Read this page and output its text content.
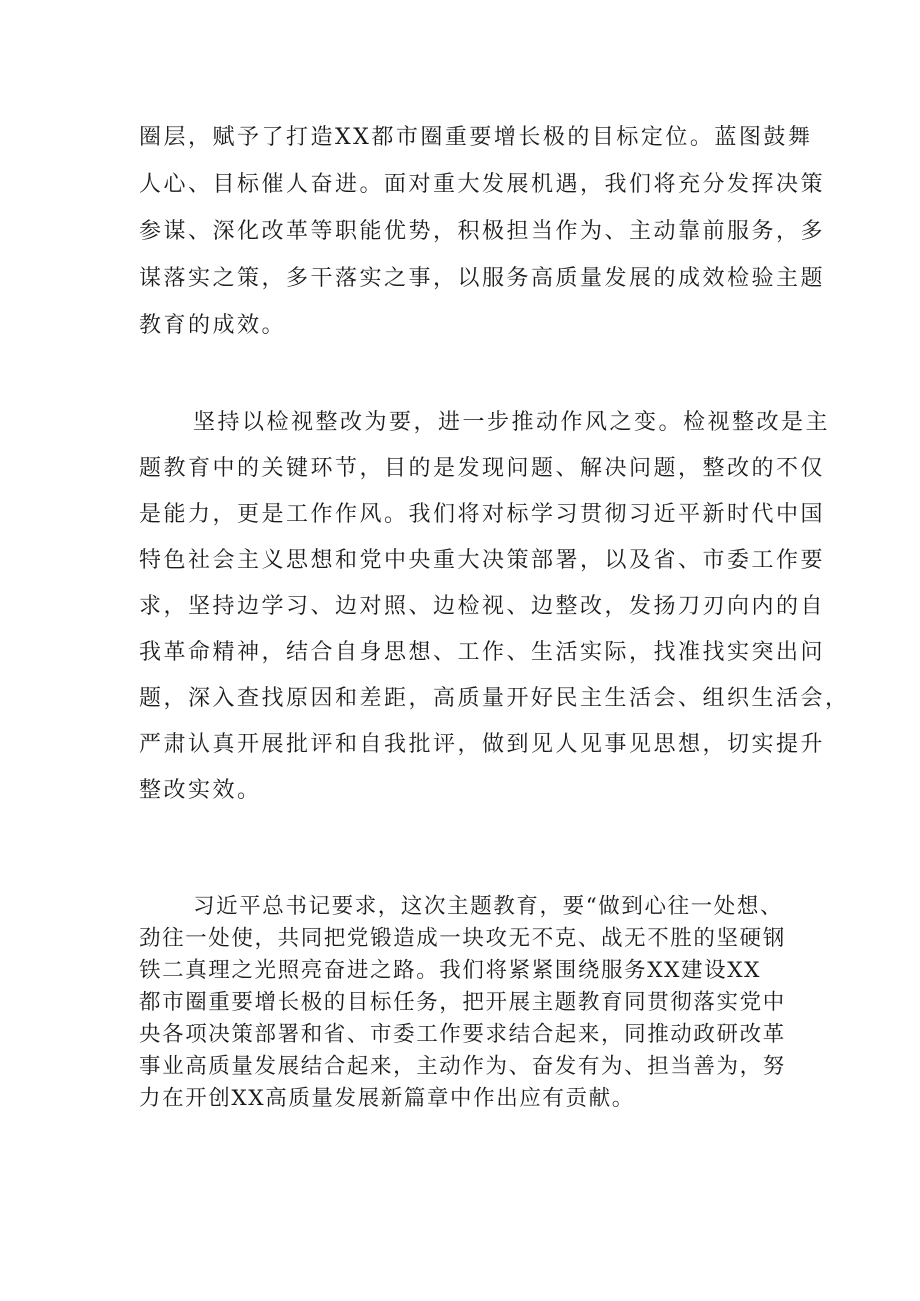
圈层，赋予了打造XX都市圈重要增长极的目标定位。蓝图鼓舞
人心、目标催人奋进。面对重大发展机遇，我们将充分发挥决策
参谋、深化改革等职能优势，积极担当作为、主动靠前服务，多
谋落实之策，多干落实之事，以服务高质量发展的成效检验主题
教育的成效。
坚持以检视整改为要，进一步推动作风之变。检视整改是主
题教育中的关键环节，目的是发现问题、解决问题，整改的不仅
是能力，更是工作作风。我们将对标学习贯彻习近平新时代中国
特色社会主义思想和党中央重大决策部署，以及省、市委工作要
求，坚持边学习、边对照、边检视、边整改，发扬刀刃向内的自
我革命精神，结合自身思想、工作、生活实际，找准找实突出问
题，深入查找原因和差距，高质量开好民主生活会、组织生活会，
严肃认真开展批评和自我批评，做到见人见事见思想，切实提升
整改实效。
习近平总书记要求，这次主题教育，要“做到心往一处想、
劲往一处使，共同把党锻造成一块攻无不克、战无不胜的坚硬钢
铁二真理之光照亮奋进之路。我们将紧紧围绕服务XX建设XX
都市圈重要增长极的目标任务，把开展主题教育同贯彻落实党中
央各项决策部署和省、市委工作要求结合起来，同推动政研改革
事业高质量发展结合起来，主动作为、奋发有为、担当善为，努
力在开创XX高质量发展新篇章中作出应有贡献。
